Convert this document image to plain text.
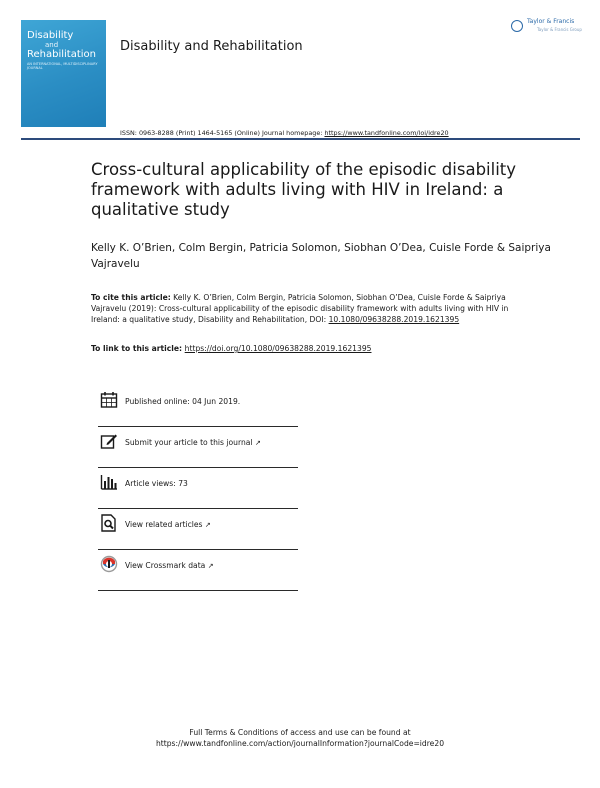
Disability
and
Rehabilitation
AN INTERNATIONAL, MULTIDISCIPLINARY JOURNAL
Disability and Rehabilitation
Taylor & Francis
Taylor & Francis Group
ISSN: 0963-8288 (Print) 1464-5165 (Online) Journal homepage: https://www.tandfonline.com/loi/idre20
Cross-cultural applicability of the episodic disability framework with adults living with HIV in Ireland: a qualitative study
Kelly K. O’Brien, Colm Bergin, Patricia Solomon, Siobhan O’Dea, Cuisle Forde & Saipriya Vajravelu
To cite this article: Kelly K. O’Brien, Colm Bergin, Patricia Solomon, Siobhan O’Dea, Cuisle Forde & Saipriya Vajravelu (2019): Cross-cultural applicability of the episodic disability framework with adults living with HIV in Ireland: a qualitative study, Disability and Rehabilitation, DOI: 10.1080/09638288.2019.1621395
To link to this article: https://doi.org/10.1080/09638288.2019.1621395
Published online: 04 Jun 2019.
Submit your article to this journal ↗
Article views: 73
View related articles ↗
View Crossmark data ↗
Full Terms & Conditions of access and use can be found at
https://www.tandfonline.com/action/journalInformation?journalCode=idre20
